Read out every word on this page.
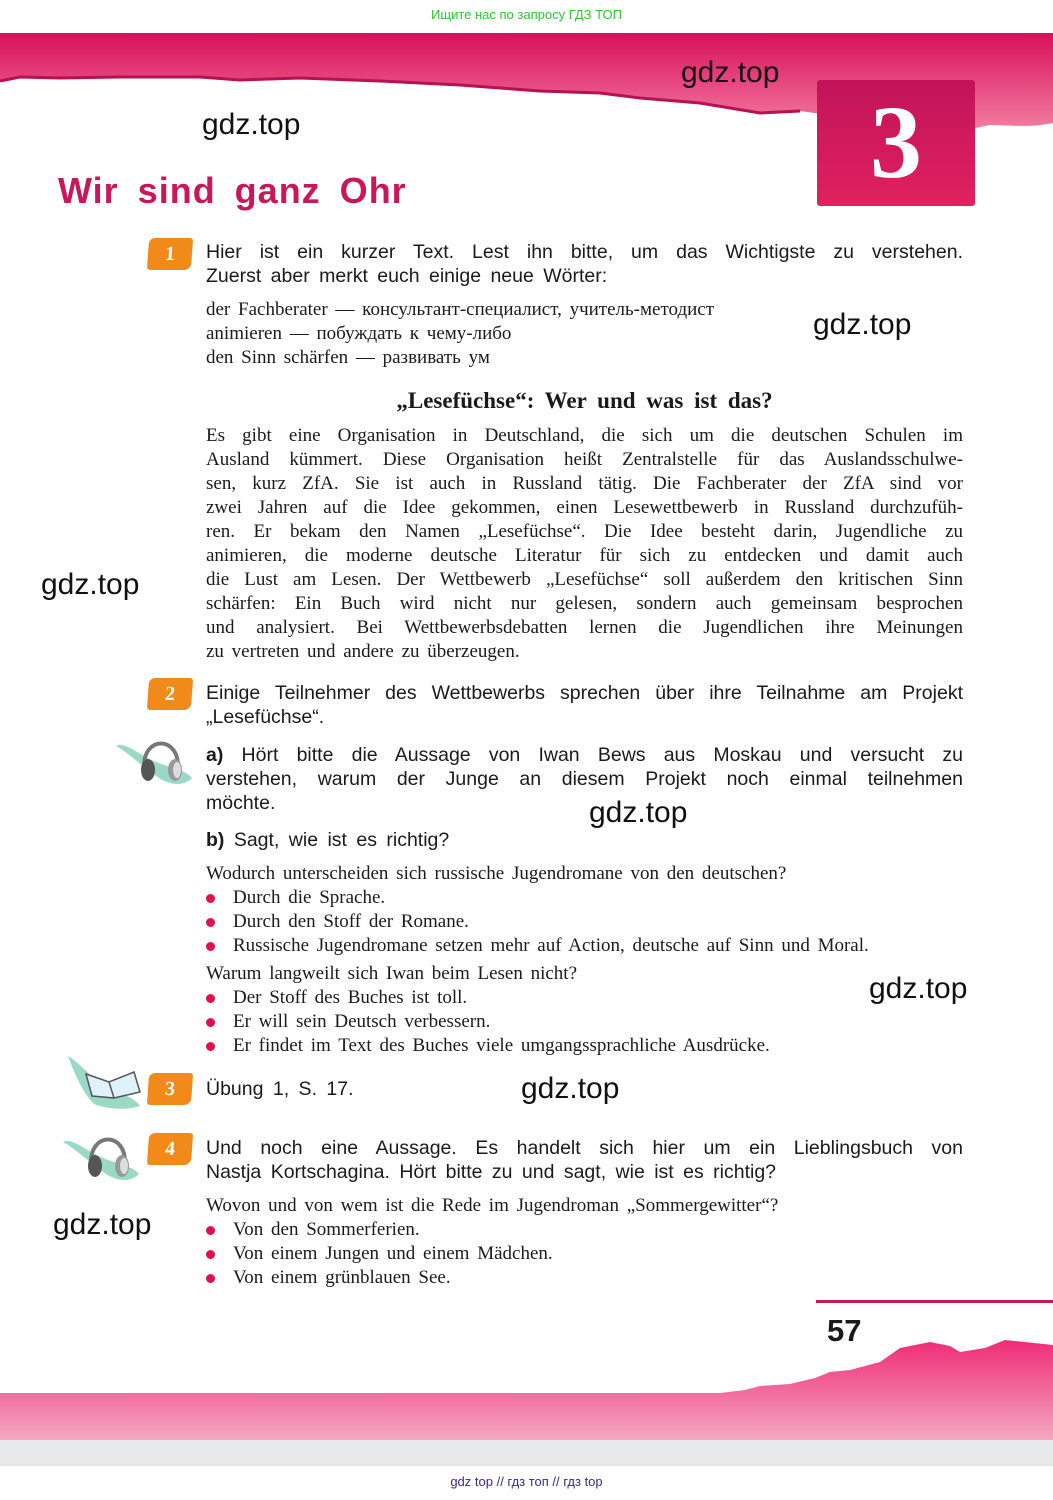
Ищите нас по запросу ГДЗ ТОП
3
Wir sind ganz Ohr
gdz.top
gdz.top
gdz.top
gdz.top
gdz.top
gdz.top
gdz.top
gdz.top
1	Hier ist ein kurzer Text. Lest ihn bitte, um das Wichtigste zu verstehen.
Zuerst aber merkt euch einige neue Wörter:
der Fachberater — консультант-специалист, учитель-методист
animieren — побуждать к чему-либо
den Sinn schärfen — развивать ум
„Lesefüchse“: Wer und was ist das?
Es gibt eine Organisation in Deutschland, die sich um die deutschen Schulen im
Ausland kümmert. Diese Organisation heißt Zentralstelle für das Auslandsschulwe-
sen, kurz ZfA. Sie ist auch in Russland tätig. Die Fachberater der ZfA sind vor
zwei Jahren auf die Idee gekommen, einen Lesewettbewerb in Russland durchzufüh-
ren. Er bekam den Namen „Lesefüchse“. Die Idee besteht darin, Jugendliche zu
animieren, die moderne deutsche Literatur für sich zu entdecken und damit auch
die Lust am Lesen. Der Wettbewerb „Lesefüchse“ soll außerdem den kritischen Sinn
schärfen: Ein Buch wird nicht nur gelesen, sondern auch gemeinsam besprochen
und analysiert. Bei Wettbewerbsdebatten lernen die Jugendlichen ihre Meinungen
zu vertreten und andere zu überzeugen.
2	Einige Teilnehmer des Wettbewerbs sprechen über ihre Teilnahme am Projekt
„Lesefüchse“.
a) Hört bitte die Aussage von Iwan Bews aus Moskau und versucht zu
verstehen, warum der Junge an diesem Projekt noch einmal teilnehmen
möchte.
b) Sagt, wie ist es richtig?
Wodurch unterscheiden sich russische Jugendromane von den deutschen?
Durch die Sprache.
Durch den Stoff der Romane.
Russische Jugendromane setzen mehr auf Action, deutsche auf Sinn und Moral.
Warum langweilt sich Iwan beim Lesen nicht?
Der Stoff des Buches ist toll.
Er will sein Deutsch verbessern.
Er findet im Text des Buches viele umgangssprachliche Ausdrücke.
3	Übung 1, S. 17.
4	Und noch eine Aussage. Es handelt sich hier um ein Lieblingsbuch von
Nastja Kortschagina. Hört bitte zu und sagt, wie ist es richtig?
Wovon und von wem ist die Rede im Jugendroman „Sommergewitter“?
Von den Sommerferien.
Von einem Jungen und einem Mädchen.
Von einem grünblauen See.
57
gdz top // гдз топ // гдз top
